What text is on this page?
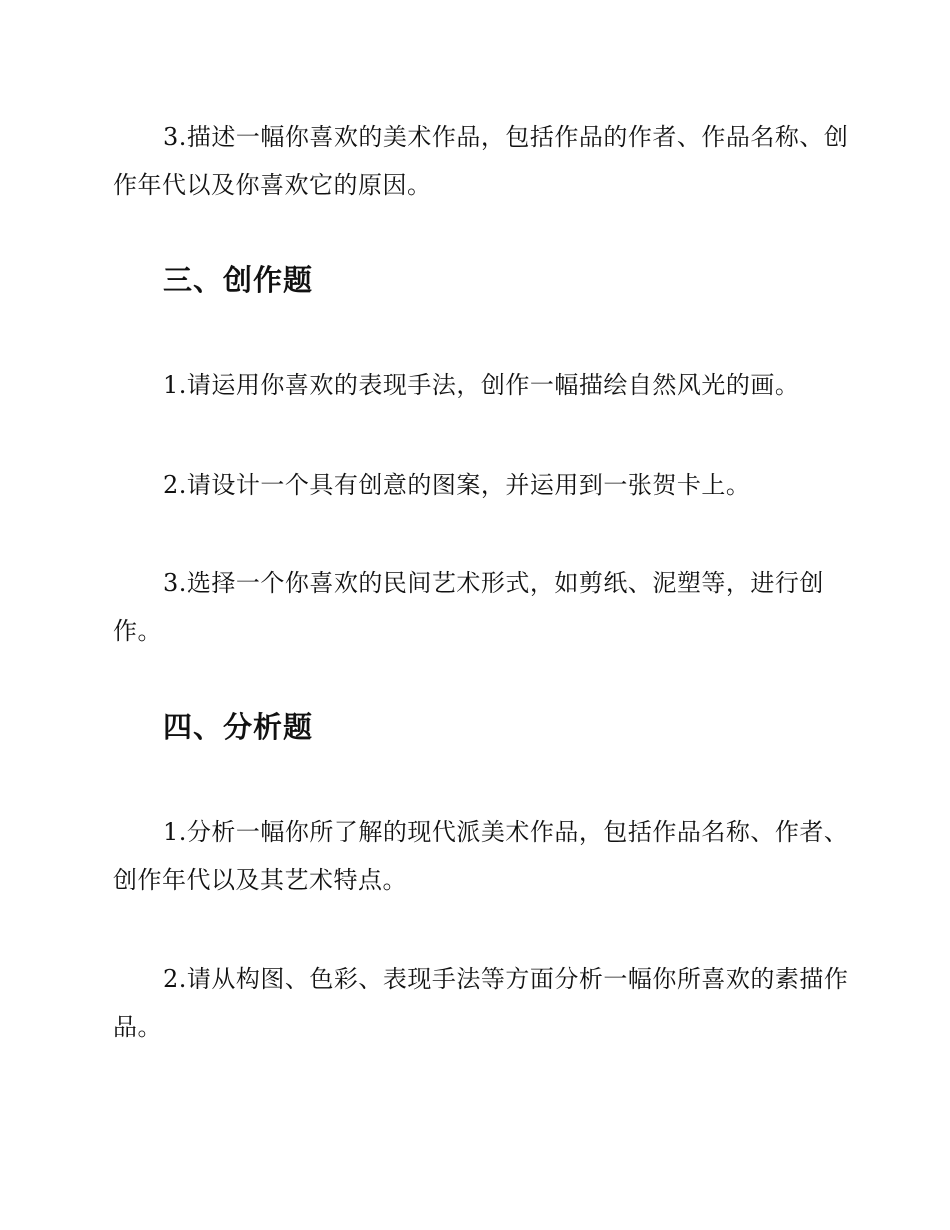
3.描述一幅你喜欢的美术作品，包括作品的作者、作品名称、创作年代以及你喜欢它的原因。

三、创作题

1.请运用你喜欢的表现手法，创作一幅描绘自然风光的画。

2.请设计一个具有创意的图案，并运用到一张贺卡上。

3.选择一个你喜欢的民间艺术形式，如剪纸、泥塑等，进行创作。

四、分析题

1.分析一幅你所了解的现代派美术作品，包括作品名称、作者、创作年代以及其艺术特点。

2.请从构图、色彩、表现手法等方面分析一幅你所喜欢的素描作品。
